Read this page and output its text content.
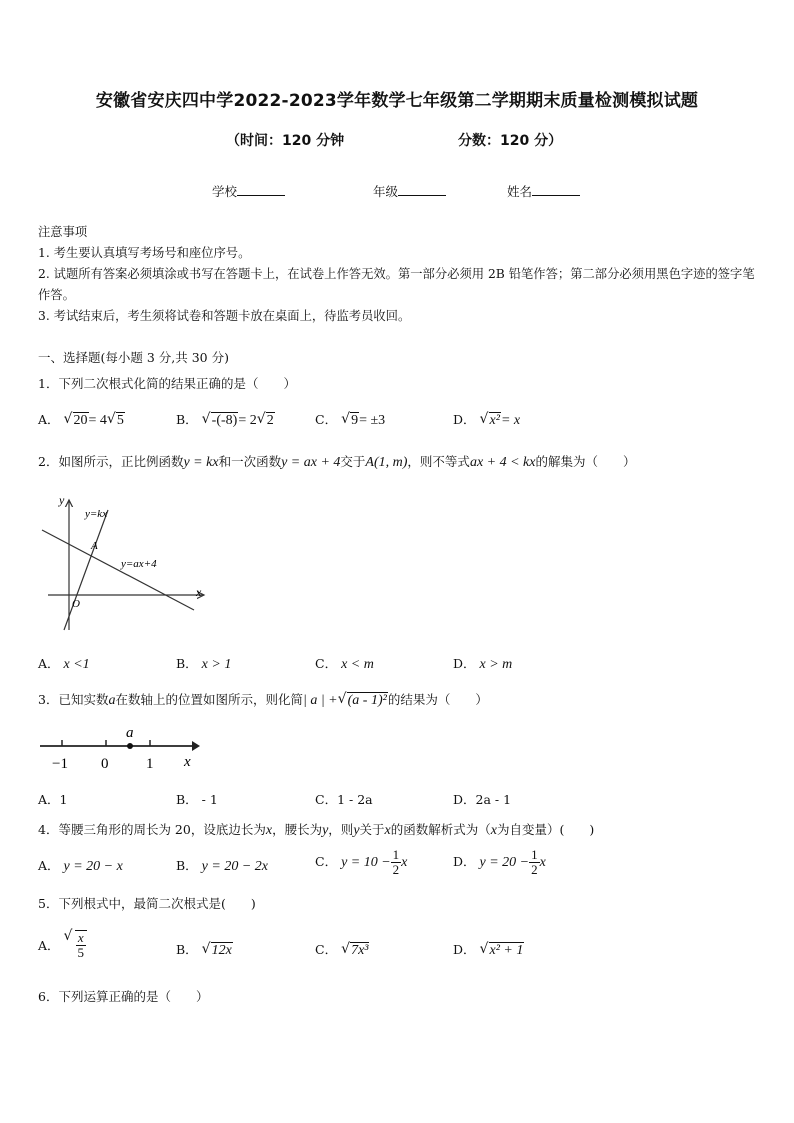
安徽省安庆四中学2022-2023学年数学七年级第二学期期末质量检测模拟试题
（时间：120 分钟	分数：120 分）
学校	年级	姓名
注意事项
1. 考生要认真填写考场号和座位序号。
2. 试题所有答案必须填涂或书写在答题卡上，在试卷上作答无效。第一部分必须用 2B 铅笔作答；第二部分必须用黑色字迹的签字笔作答。
3. 考试结束后，考生须将试卷和答题卡放在桌面上，待监考员收回。
一、选择题(每小题 3 分,共 30 分)
1．下列二次根式化简的结果正确的是（　　）
A． √ 20= 4 √ 5	B． √ -(-8)= 2 √ 2	C． √ 9= ±3	D． √ x²= x
2．如图所示，正比例函数y = kx和一次函数y = ax + 4交于A(1, m)，则不等式ax + 4 < kx的解集为（　　）
y
x
O
A
y=kx
y=ax+4
A． x <1	B． x > 1	C． x < m	D． x > m
3．已知实数a在数轴上的位置如图所示，则化简| a | + √ (a - 1)²的结果为（　　）
a
−1 0	1 x
A．1	B． - 1	C．1 - 2a	D．2a - 1
4．等腰三角形的周长为 20，设底边长为x，腰长为y，则y关于x的函数解析式为（x为自变量）(　　)
A． y = 20 − x	B． y = 20 − 2x	C． $y = 10 - \frac{1}{2}$ x	D． $y = 20 - \frac{1}{2}$ x
5．下列根式中，最简二次根式是(　　)
A． √ $\frac{x}{5}$	B． √ 12x	C． √ 7x³	D． √ x² + 1
6．下列运算正确的是（　　）
